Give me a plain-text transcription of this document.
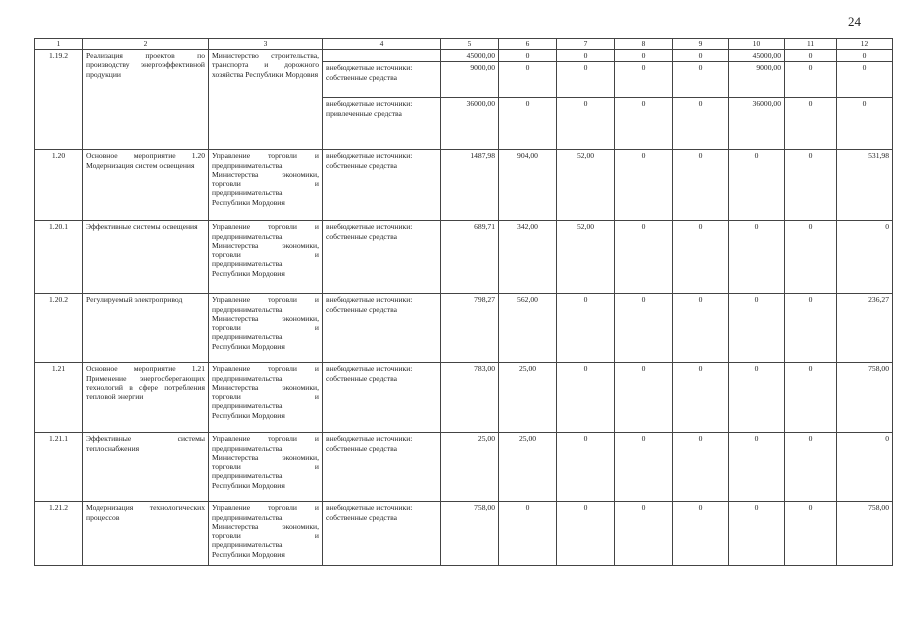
24
1	2	3	4	5	6	7	8	9	10	11	12
1.19.2	Реализация проектов по производству энергоэффективной продукции	Министерство строительства, транспорта и дорожного хозяйства Республики Мордовия		45000,00	0	0	0	0	45000,00	0	0
			внебюджетные источники: собственные средства	9000,00	0	0	0	0	9000,00	0	0
			внебюджетные источники: привлеченные средства	36000,00	0	0	0	0	36000,00	0	0
1.20	Основное мероприятие 1.20 Модернизация систем освещения	Управление торговли и предпринимательства Министерства экономики, торговли и предпринимательства Республики Мордовия	внебюджетные источники: собственные средства	1487,98	904,00	52,00	0	0	0	0	531,98
1.20.1	Эффективные системы освещения	Управление торговли и предпринимательства Министерства экономики, торговли и предпринимательства Республики Мордовия	внебюджетные источники: собственные средства	689,71	342,00	52,00	0	0	0	0	0
1.20.2	Регулируемый электропривод	Управление торговли и предпринимательства Министерства экономики, торговли и предпринимательства Республики Мордовия	внебюджетные источники: собственные средства	798,27	562,00	0	0	0	0	0	236,27
1.21	Основное мероприятие 1.21 Применение энергосберегающих технологий в сфере потребления тепловой энергии	Управление торговли и предпринимательства Министерства экономики, торговли и предпринимательства Республики Мордовия	внебюджетные источники: собственные средства	783,00	25,00	0	0	0	0	0	758,00
1.21.1	Эффективные системы теплоснабжения	Управление торговли и предпринимательства Министерства экономики, торговли и предпринимательства Республики Мордовия	внебюджетные источники: собственные средства	25,00	25,00	0	0	0	0	0	0
1.21.2	Модернизация технологических процессов	Управление торговли и предпринимательства Министерства экономики, торговли и предпринимательства Республики Мордовия	внебюджетные источники: собственные средства	758,00	0	0	0	0	0	0	758,00
